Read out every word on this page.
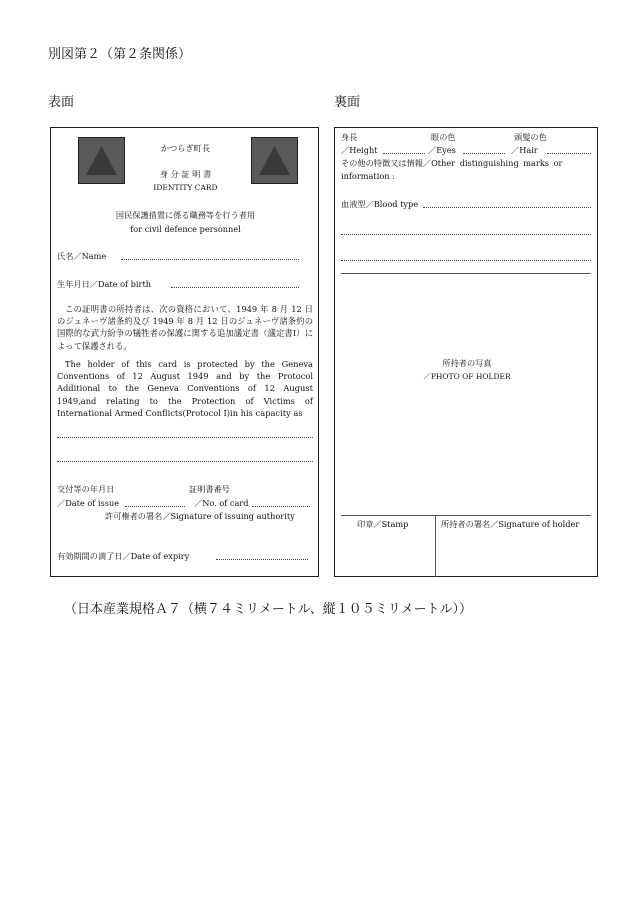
別図第２（第２条関係）
表面	裏面
かつらぎ町長
身 分 証 明 書
IDENTITY CARD
国民保護措置に係る職務等を行う者用
for civil defence personnel
氏名／Name
生年月日／Date of birth
この証明書の所持者は、次の資格において、1949 年 8 月 12 日のジュネーヴ諸条約及び 1949 年 8 月 12 日のジュネーヴ諸条約の国際的な武力紛争の犠牲者の保護に関する追加議定書（議定書Ⅰ）によって保護される。
The holder of this card is protected by the Geneva Conventions of 12 August 1949 and by the Protocol Additional to the Geneva Conventions of 12 August 1949,and relating to the Protection of Victims of International Armed Conflicts(Protocol Ⅰ)in his capacity as
交付等の年月日	証明書番号
／Date of issue	／No. of card
許可権者の署名／Signature of issuing authority
有効期間の満了日／Date of expiry
身長	眼の色	頭髪の色
／Height	／Eyes	／Hair
その他の特徴又は情報／Other distinguishing marks or
information :
血液型／Blood type
所持者の写真
／PHOTO OF HOLDER
印章／Stamp	所持者の署名／Signature of holder
（日本産業規格Ａ７（横７４ミリメートル、縦１０５ミリメートル））
